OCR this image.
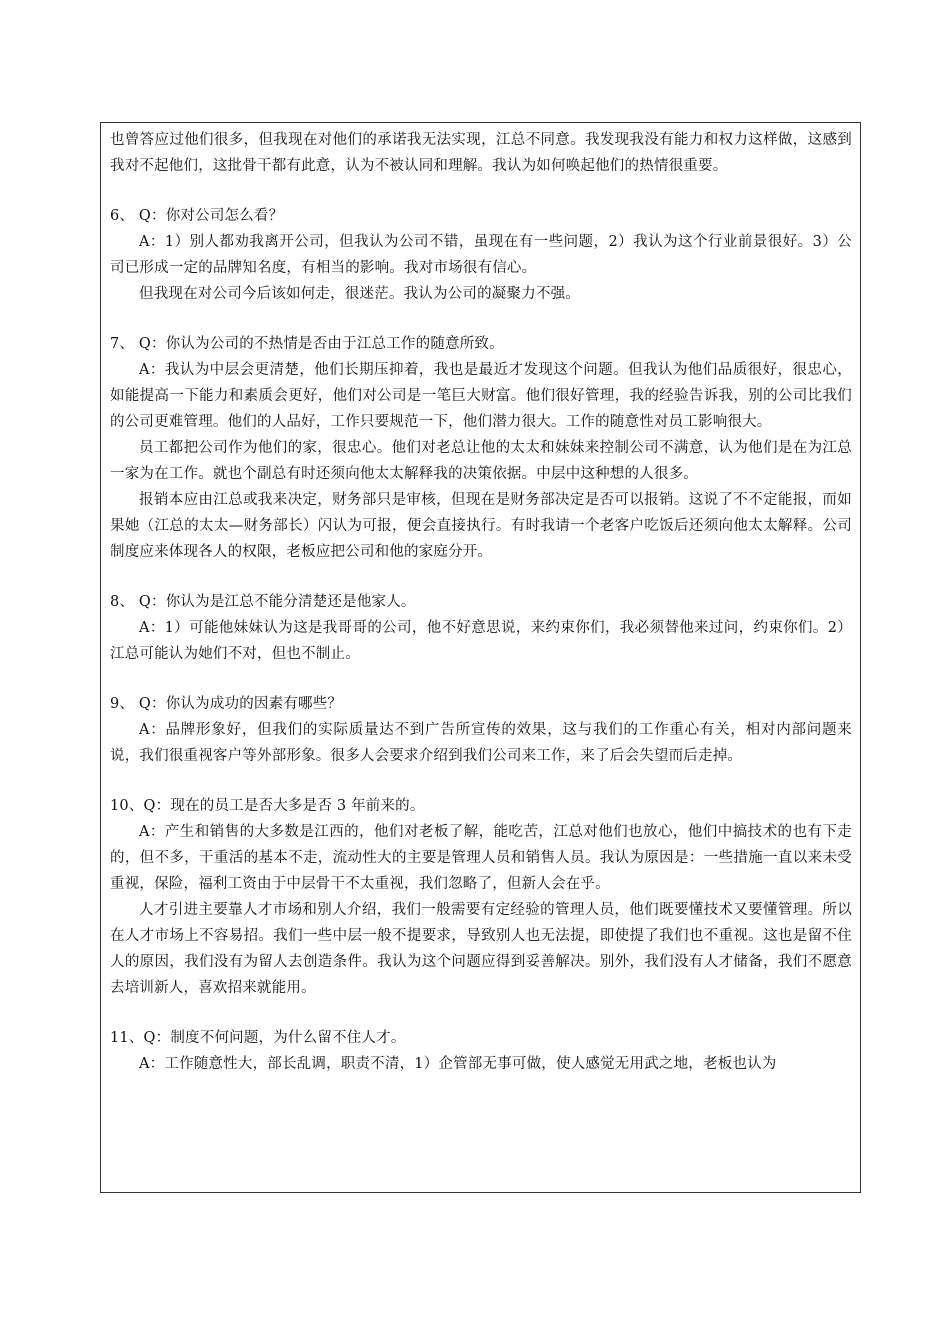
也曾答应过他们很多，但我现在对他们的承诺我无法实现，江总不同意。我发现我没有能力和权力这样做，这感到我对不起他们，这批骨干都有此意，认为不被认同和理解。我认为如何唤起他们的热情很重要。

6、 Q：你对公司怎么看？

A：1）别人都劝我离开公司，但我认为公司不错，虽现在有一些问题，2）我认为这个行业前景很好。3）公司已形成一定的品牌知名度，有相当的影响。我对市场很有信心。

但我现在对公司今后该如何走，很迷茫。我认为公司的凝聚力不强。

7、 Q：你认为公司的不热情是否由于江总工作的随意所致。

A：我认为中层会更清楚，他们长期压抑着，我也是最近才发现这个问题。但我认为他们品质很好，很忠心，如能提高一下能力和素质会更好，他们对公司是一笔巨大财富。他们很好管理，我的经验告诉我，别的公司比我们的公司更难管理。他们的人品好，工作只要规范一下，他们潜力很大。工作的随意性对员工影响很大。

员工都把公司作为他们的家，很忠心。他们对老总让他的太太和妹妹来控制公司不满意，认为他们是在为江总一家为在工作。就也个副总有时还须向他太太解释我的决策依据。中层中这种想的人很多。

报销本应由江总或我来决定，财务部只是审核，但现在是财务部决定是否可以报销。这说了不不定能报，而如果她（江总的太太—财务部长）闪认为可报，便会直接执行。有时我请一个老客户吃饭后还须向他太太解释。公司制度应来体现各人的权限，老板应把公司和他的家庭分开。

8、 Q：你认为是江总不能分清楚还是他家人。

A：1）可能他妹妹认为这是我哥哥的公司，他不好意思说，来约束你们，我必须替他来过问，约束你们。2）江总可能认为她们不对，但也不制止。

9、 Q：你认为成功的因素有哪些？

A：品牌形象好，但我们的实际质量达不到广告所宣传的效果，这与我们的工作重心有关，相对内部问题来说，我们很重视客户等外部形象。很多人会要求介绍到我们公司来工作，来了后会失望而后走掉。

10、Q：现在的员工是否大多是否 3 年前来的。

A：产生和销售的大多数是江西的，他们对老板了解，能吃苦，江总对他们也放心，他们中搞技术的也有下走的，但不多，干重活的基本不走，流动性大的主要是管理人员和销售人员。我认为原因是：一些措施一直以来未受重视，保险，福利工资由于中层骨干不太重视，我们忽略了，但新人会在乎。

人才引进主要靠人才市场和别人介绍，我们一般需要有定经验的管理人员，他们既要懂技术又要懂管理。所以在人才市场上不容易招。我们一些中层一般不提要求，导致别人也无法提，即使提了我们也不重视。这也是留不住人的原因，我们没有为留人去创造条件。我认为这个问题应得到妥善解决。别外，我们没有人才储备，我们不愿意去培训新人，喜欢招来就能用。

11、Q：制度不何问题，为什么留不住人才。

A：工作随意性大，部长乱调，职责不清，1）企管部无事可做，使人感觉无用武之地，老板也认为
